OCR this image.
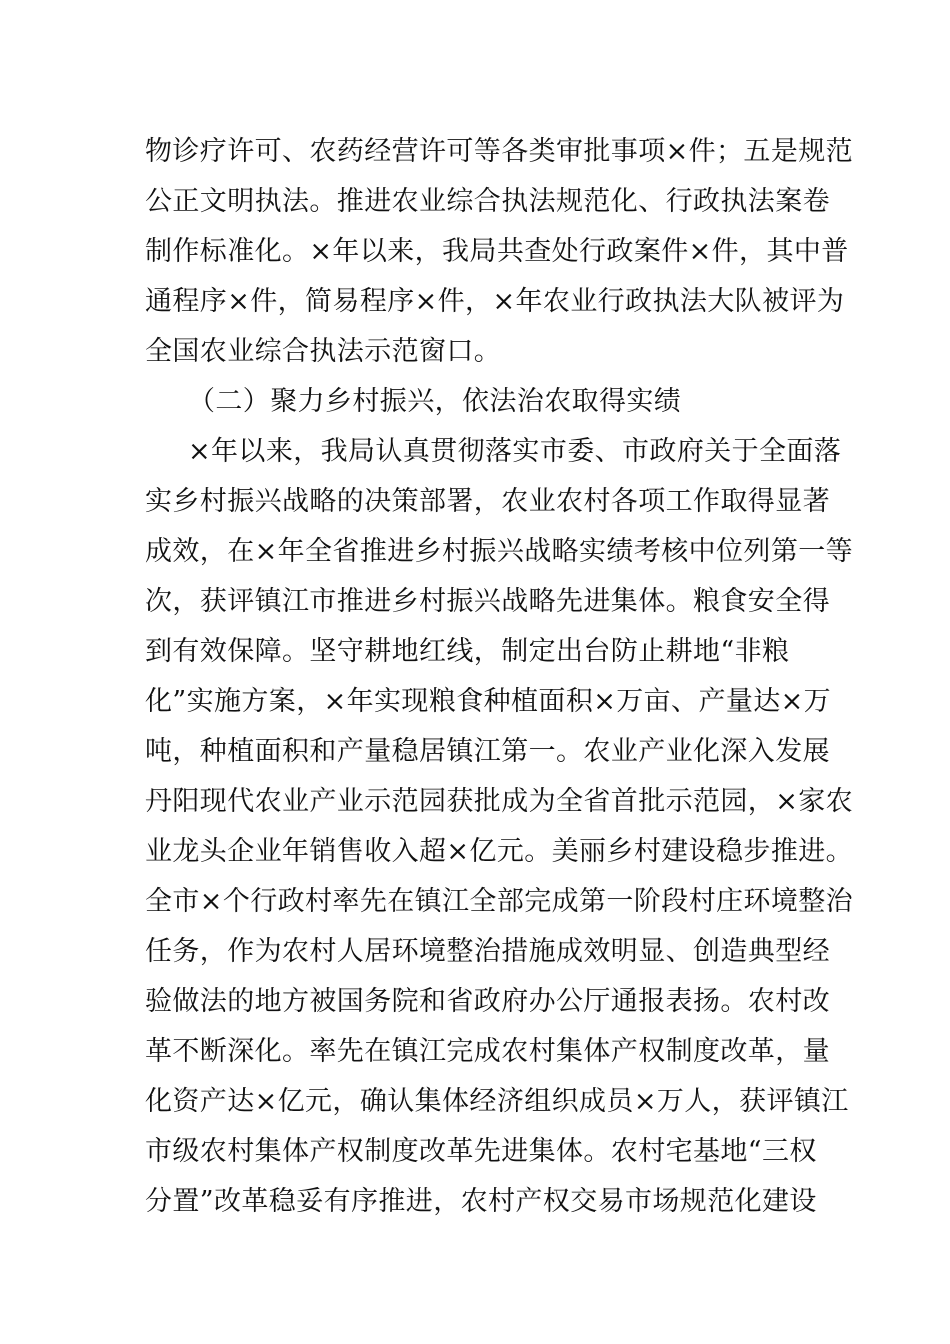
物诊疗许可、农药经营许可等各类审批事项×件；五是规范
公正文明执法。推进农业综合执法规范化、行政执法案卷
制作标准化。×年以来，我局共查处行政案件×件，其中普
通程序×件，简易程序×件，×年农业行政执法大队被评为
全国农业综合执法示范窗口。
（二）聚力乡村振兴，依法治农取得实绩
×年以来，我局认真贯彻落实市委、市政府关于全面落
实乡村振兴战略的决策部署，农业农村各项工作取得显著
成效，在×年全省推进乡村振兴战略实绩考核中位列第一等
次，获评镇江市推进乡村振兴战略先进集体。粮食安全得
到有效保障。坚守耕地红线，制定出台防止耕地“非粮
化”实施方案，×年实现粮食种植面积×万亩、产量达×万
吨，种植面积和产量稳居镇江第一。农业产业化深入发展
丹阳现代农业产业示范园获批成为全省首批示范园，×家农
业龙头企业年销售收入超×亿元。美丽乡村建设稳步推进。
全市×个行政村率先在镇江全部完成第一阶段村庄环境整治
任务，作为农村人居环境整治措施成效明显、创造典型经
验做法的地方被国务院和省政府办公厅通报表扬。农村改
革不断深化。率先在镇江完成农村集体产权制度改革，量
化资产达×亿元，确认集体经济组织成员×万人，获评镇江
市级农村集体产权制度改革先进集体。农村宅基地“三权
分置”改革稳妥有序推进，农村产权交易市场规范化建设
